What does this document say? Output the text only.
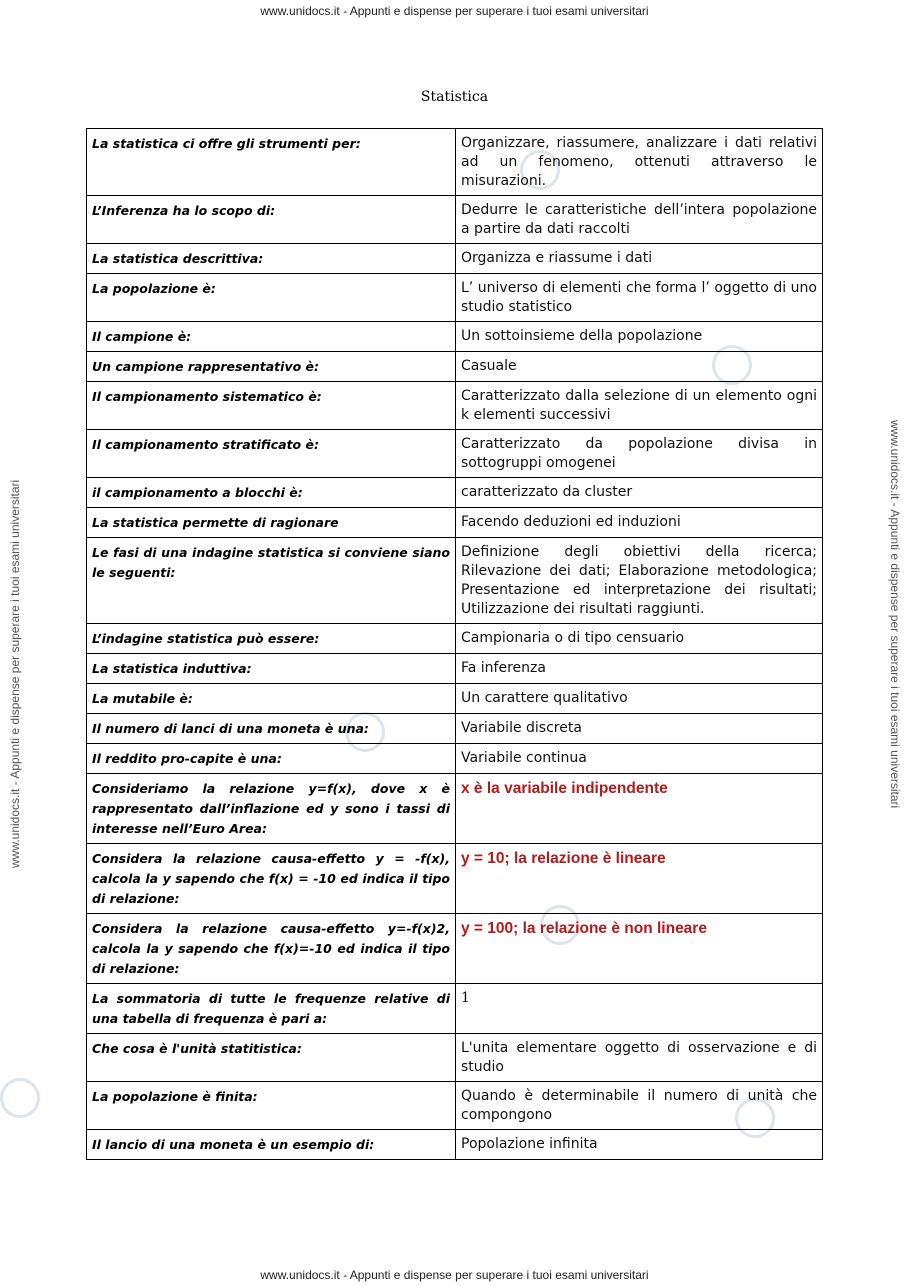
www.unidocs.it - Appunti e dispense per superare i tuoi esami universitari
www.unidocs.it - Appunti e dispense per superare i tuoi esami universitari	www.unidocs.it - Appunti e dispense per superare i tuoi esami universitari
Statistica
La statistica ci offre gli strumenti per:	Organizzare, riassumere, analizzare i dati relativi ad un fenomeno, ottenuti attraverso le misurazioni.
L’Inferenza ha lo scopo di:	Dedurre le caratteristiche dell’intera popolazione a partire da dati raccolti
La statistica descrittiva:	Organizza e riassume i dati
La popolazione è:	L’ universo di elementi che forma l’ oggetto di uno studio statistico
Il campione è:	Un sottoinsieme della popolazione
Un campione rappresentativo è:	Casuale
Il campionamento sistematico è:	Caratterizzato dalla selezione di un elemento ogni k elementi successivi
Il campionamento stratificato è:	Caratterizzato da popolazione divisa in sottogruppi omogenei
il campionamento a blocchi è:	caratterizzato da cluster
La statistica permette di ragionare	Facendo deduzioni ed induzioni
Le fasi di una indagine statistica si conviene siano le seguenti:	Definizione degli obiettivi della ricerca; Rilevazione dei dati; Elaborazione metodologica; Presentazione ed interpretazione dei risultati; Utilizzazione dei risultati raggiunti.
L’indagine statistica può essere:	Campionaria o di tipo censuario
La statistica induttiva:	Fa inferenza
La mutabile è:	Un carattere qualitativo
Il numero di lanci di una moneta è una:	Variabile discreta
Il reddito pro-capite è una:	Variabile continua
Consideriamo la relazione y=f(x), dove x è rappresentato dall’inflazione ed y sono i tassi di interesse nell’Euro Area:	x è la variabile indipendente
Considera la relazione causa-effetto y = -f(x), calcola la y sapendo che f(x) = -10 ed indica il tipo di relazione:	y = 10; la relazione è lineare
Considera la relazione causa-effetto y=-f(x)2, calcola la y sapendo che f(x)=-10 ed indica il tipo di relazione:	y = 100; la relazione è non lineare
La sommatoria di tutte le frequenze relative di una tabella di frequenza è pari a:	1
Che cosa è l'unità statitistica:	L'unita elementare oggetto di osservazione e di studio
La popolazione è finita:	Quando è determinabile il numero di unità che compongono
Il lancio di una moneta è un esempio di:	Popolazione infinita
www.unidocs.it - Appunti e dispense per superare i tuoi esami universitari
